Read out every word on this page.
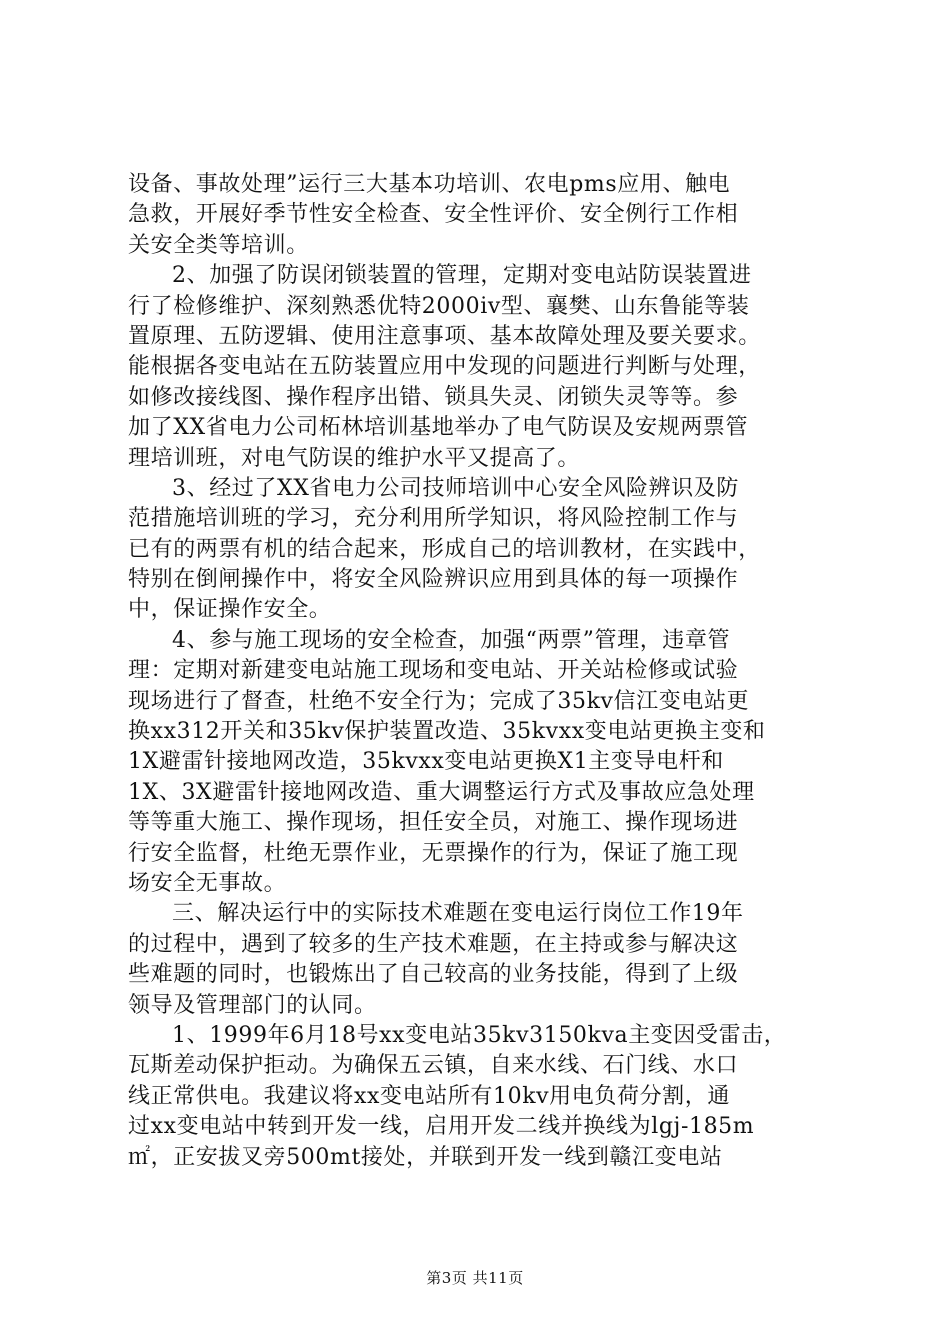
设备、事故处理”运行三大基本功培训、农电pms应用、触电
急救，开展好季节性安全检查、安全性评价、安全例行工作相
关安全类等培训。
2、加强了防误闭锁装置的管理，定期对变电站防误装置进
行了检修维护、深刻熟悉优特2000iv型、襄樊、山东鲁能等装
置原理、五防逻辑、使用注意事项、基本故障处理及要关要求。
能根据各变电站在五防装置应用中发现的问题进行判断与处理，
如修改接线图、操作程序出错、锁具失灵、闭锁失灵等等。参
加了XX省电力公司柘林培训基地举办了电气防误及安规两票管
理培训班，对电气防误的维护水平又提高了。
3、经过了XX省电力公司技师培训中心安全风险辨识及防
范措施培训班的学习，充分利用所学知识，将风险控制工作与
已有的两票有机的结合起来，形成自己的培训教材，在实践中，
特别在倒闸操作中，将安全风险辨识应用到具体的每一项操作
中，保证操作安全。
4、参与施工现场的安全检查，加强“两票”管理，违章管
理：定期对新建变电站施工现场和变电站、开关站检修或试验
现场进行了督查，杜绝不安全行为；完成了35kv信江变电站更
换xx312开关和35kv保护装置改造、35kvxx变电站更换主变和
1X避雷针接地网改造，35kvxx变电站更换X1主变导电杆和
1X、3X避雷针接地网改造、重大调整运行方式及事故应急处理
等等重大施工、操作现场，担任安全员，对施工、操作现场进
行安全监督，杜绝无票作业，无票操作的行为，保证了施工现
场安全无事故。
三、解决运行中的实际技术难题在变电运行岗位工作19年
的过程中，遇到了较多的生产技术难题，在主持或参与解决这
些难题的同时，也锻炼出了自己较高的业务技能，得到了上级
领导及管理部门的认同。
1、1999年6月18号xx变电站35kv3150kva主变因受雷击，
瓦斯差动保护拒动。为确保五云镇，自来水线、石门线、水口
线正常供电。我建议将xx变电站所有10kv用电负荷分割，通
过xx变电站中转到开发一线，启用开发二线并换线为lgj-185m
㎡，正安拔叉旁500mt接处，并联到开发一线到赣江变电站
第3页 共11页
